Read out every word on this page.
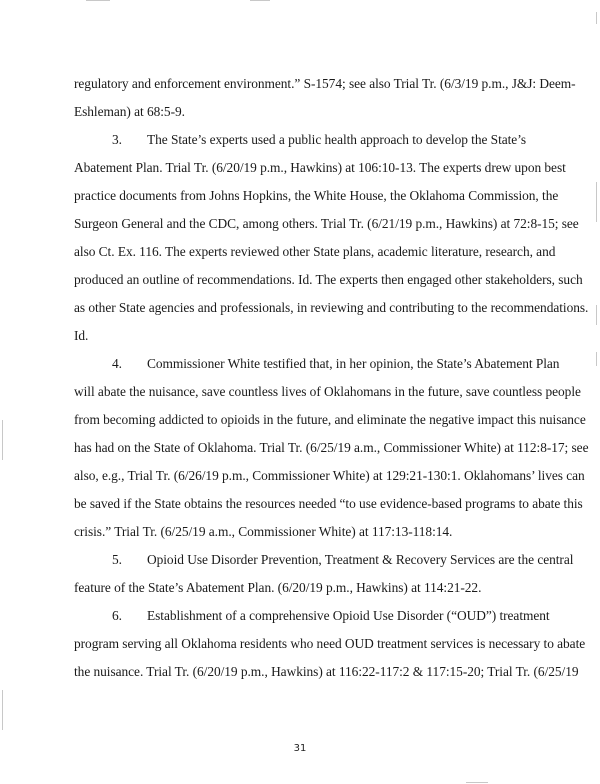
regulatory and enforcement environment.” S-1574; see also Trial Tr. (6/3/19 p.m., J&J: Deem-
Eshleman) at 68:5-9.
3. The State’s experts used a public health approach to develop the State’s
Abatement Plan. Trial Tr. (6/20/19 p.m., Hawkins) at 106:10-13. The experts drew upon best
practice documents from Johns Hopkins, the White House, the Oklahoma Commission, the
Surgeon General and the CDC, among others. Trial Tr. (6/21/19 p.m., Hawkins) at 72:8-15; see
also Ct. Ex. 116. The experts reviewed other State plans, academic literature, research, and
produced an outline of recommendations. Id. The experts then engaged other stakeholders, such
as other State agencies and professionals, in reviewing and contributing to the recommendations.
Id.
4. Commissioner White testified that, in her opinion, the State’s Abatement Plan
will abate the nuisance, save countless lives of Oklahomans in the future, save countless people
from becoming addicted to opioids in the future, and eliminate the negative impact this nuisance
has had on the State of Oklahoma. Trial Tr. (6/25/19 a.m., Commissioner White) at 112:8-17; see
also, e.g., Trial Tr. (6/26/19 p.m., Commissioner White) at 129:21-130:1. Oklahomans’ lives can
be saved if the State obtains the resources needed “to use evidence-based programs to abate this
crisis.” Trial Tr. (6/25/19 a.m., Commissioner White) at 117:13-118:14.
5. Opioid Use Disorder Prevention, Treatment & Recovery Services are the central
feature of the State’s Abatement Plan. (6/20/19 p.m., Hawkins) at 114:21-22.
6. Establishment of a comprehensive Opioid Use Disorder (“OUD”) treatment
program serving all Oklahoma residents who need OUD treatment services is necessary to abate
the nuisance. Trial Tr. (6/20/19 p.m., Hawkins) at 116:22-117:2 & 117:15-20; Trial Tr. (6/25/19
31
